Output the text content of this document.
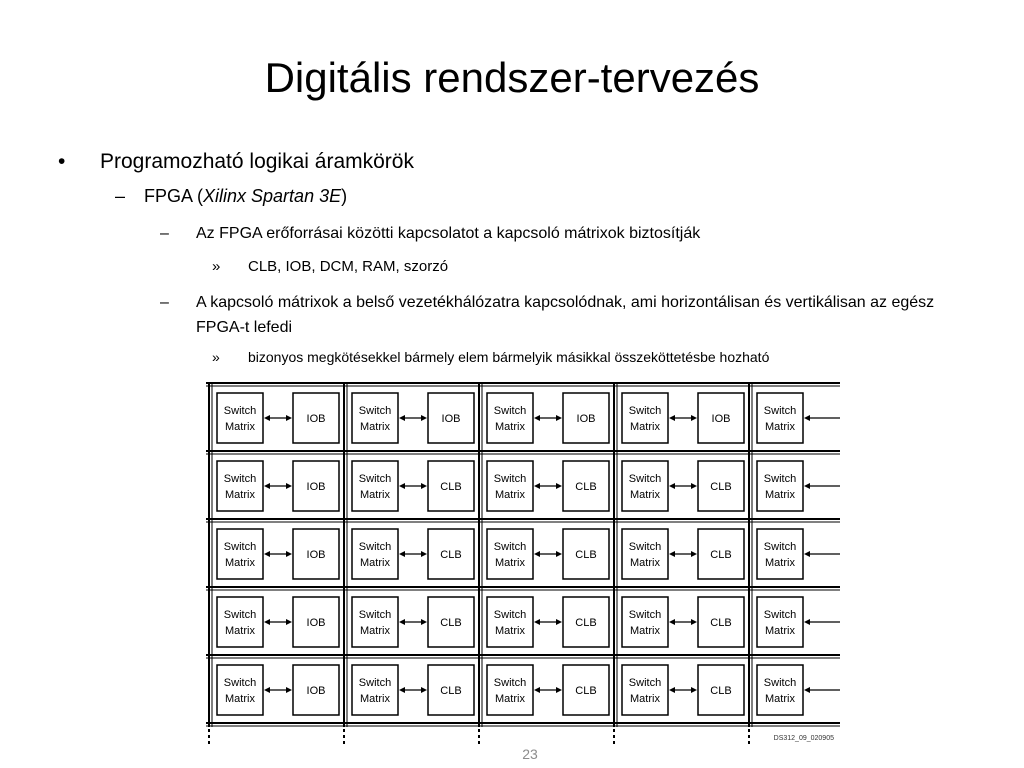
Digitális rendszer-tervezés
• Programozható logikai áramkörök
– FPGA (Xilinx Spartan 3E)
– Az FPGA erőforrásai közötti kapcsolatot a kapcsoló mátrixok biztosítják
» CLB, IOB, DCM, RAM, szorzó
–	A kapcsoló mátrixok a belső vezetékhálózatra kapcsolódnak, ami horizontálisan és vertikálisan az egész FPGA-t lefedi
» bizonyos megkötésekkel bármely elem bármelyik másikkal összeköttetésbe hozható
Switch
Matrix
IOB
Switch
Matrix
IOB
Switch
Matrix
IOB
Switch
Matrix
IOB
Switch
Matrix
Switch
Matrix
IOB
Switch
Matrix
CLB
Switch
Matrix
CLB
Switch
Matrix
CLB
Switch
Matrix
Switch
Matrix
IOB
Switch
Matrix
CLB
Switch
Matrix
CLB
Switch
Matrix
CLB
Switch
Matrix
Switch
Matrix
IOB
Switch
Matrix
CLB
Switch
Matrix
CLB
Switch
Matrix
CLB
Switch
Matrix
Switch
Matrix
IOB
Switch
Matrix
CLB
Switch
Matrix
CLB
Switch
Matrix
CLB
Switch
Matrix
DS312_09_020905
23
